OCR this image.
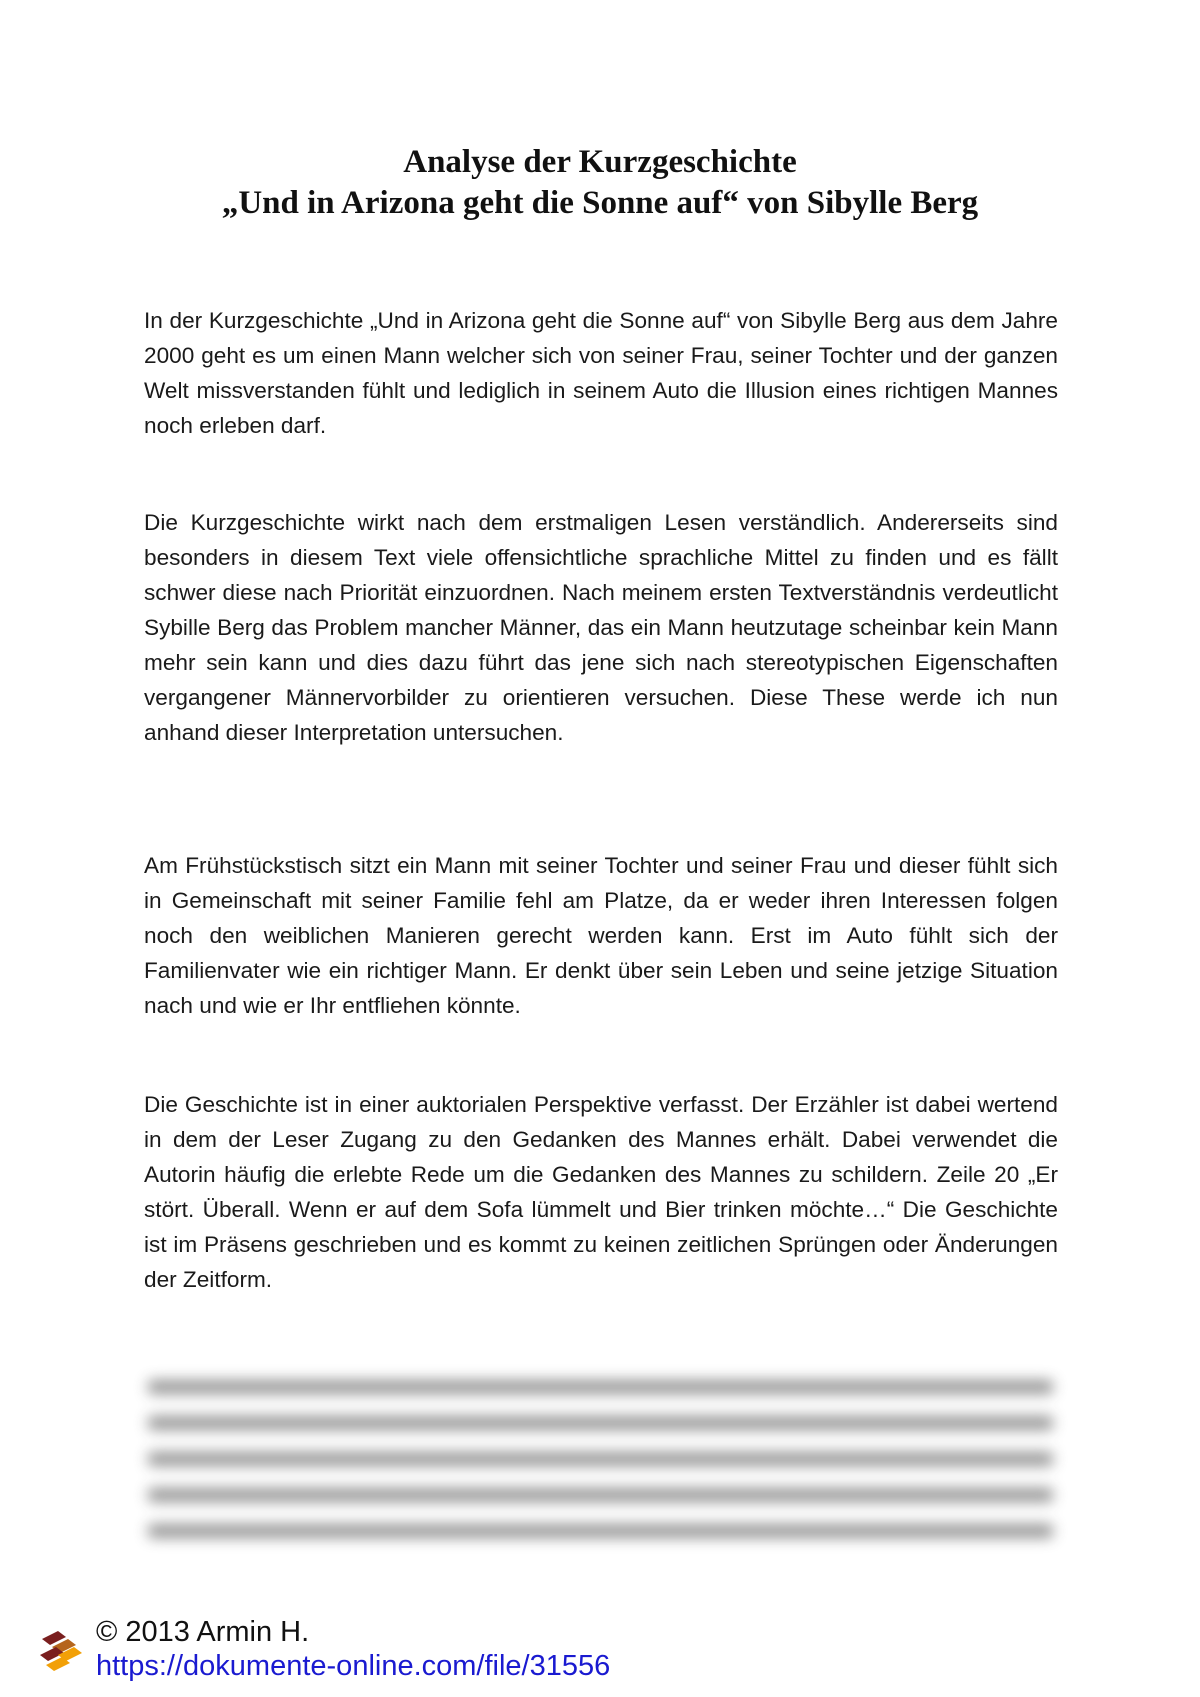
Analyse der Kurzgeschichte
„Und in Arizona geht die Sonne auf“ von Sibylle Berg

In der Kurzgeschichte „Und in Arizona geht die Sonne auf“ von Sibylle Berg aus dem Jahre 2000 geht es um einen Mann welcher sich von seiner Frau, seiner Tochter und der ganzen Welt missverstanden fühlt und lediglich in seinem Auto die Illusion eines richtigen Mannes noch erleben darf.

Die Kurzgeschichte wirkt nach dem erstmaligen Lesen verständlich. Andererseits sind besonders in diesem Text viele offensichtliche sprachliche Mittel zu finden und es fällt schwer diese nach Priorität einzuordnen. Nach meinem ersten Textverständnis verdeutlicht Sybille Berg das Problem mancher Männer, das ein Mann heutzutage scheinbar kein Mann mehr sein kann und dies dazu führt das jene sich nach stereotypischen Eigenschaften vergangener Männervorbilder zu orientieren versuchen. Diese These werde ich nun anhand dieser Interpretation untersuchen.

Am Frühstückstisch sitzt ein Mann mit seiner Tochter und seiner Frau und dieser fühlt sich in Gemeinschaft mit seiner Familie fehl am Platze, da er weder ihren Interessen folgen noch den weiblichen Manieren gerecht werden kann. Erst im Auto fühlt sich der Familienvater wie ein richtiger Mann. Er denkt über sein Leben und seine jetzige Situation nach und wie er Ihr entfliehen könnte.

Die Geschichte ist in einer auktorialen Perspektive verfasst. Der Erzähler ist dabei wertend in dem der Leser Zugang zu den Gedanken des Mannes erhält. Dabei verwendet die Autorin häufig die erlebte Rede um die Gedanken des Mannes zu schildern. Zeile 20 „Er stört. Überall. Wenn er auf dem Sofa lümmelt und Bier trinken möchte…“ Die Geschichte ist im Präsens geschrieben und es kommt zu keinen zeitlichen Sprüngen oder Änderungen der Zeitform.

© 2013 Armin H.
https://dokumente-online.com/file/31556
